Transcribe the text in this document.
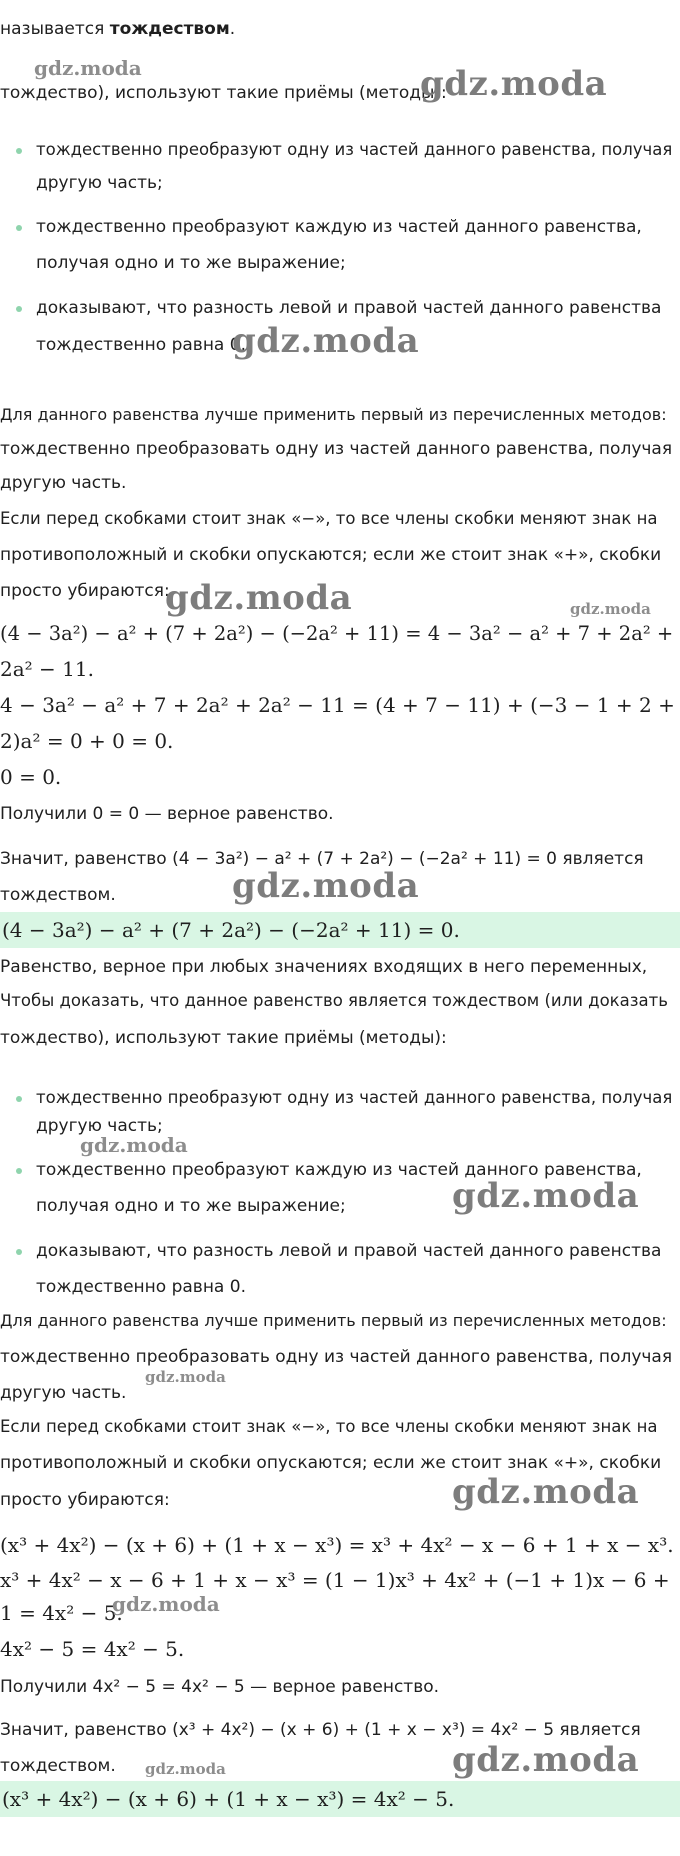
называется тождеством.
gdz.moda
тождество), используют такие приёмы (методы):
gdz.moda
тождественно преобразуют одну из частей данного равенства, получая
другую часть;
тождественно преобразуют каждую из частей данного равенства,
получая одно и то же выражение;
доказывают, что разность левой и правой частей данного равенства
тождественно равна 0.
gdz.moda
Для данного равенства лучше применить первый из перечисленных методов:
тождественно преобразовать одну из частей данного равенства, получая
другую часть.
Если перед скобками стоит знак «−», то все члены скобки меняют знак на
противоположный и скобки опускаются; если же стоит знак «+», скобки
просто убираются:
gdz.moda	gdz.moda
(4 − 3a²) − a² + (7 + 2a²) − (−2a² + 11) = 4 − 3a² − a² + 7 + 2a² +
2a² − 11.
4 − 3a² − a² + 7 + 2a² + 2a² − 11 = (4 + 7 − 11) + (−3 − 1 + 2 +
2)a² = 0 + 0 = 0.
0 = 0.
Получили 0 = 0 — верное равенство.
Значит, равенство (4 − 3a²) − a² + (7 + 2a²) − (−2a² + 11) = 0 является
тождеством.	gdz.moda
(4 − 3a²) − a² + (7 + 2a²) − (−2a² + 11) = 0.
Равенство, верное при любых значениях входящих в него переменных,
Чтобы доказать, что данное равенство является тождеством (или доказать
тождество), используют такие приёмы (методы):
тождественно преобразуют одну из частей данного равенства, получая
другую часть;
gdz.moda
тождественно преобразуют каждую из частей данного равенства,
получая одно и то же выражение;	gdz.moda
доказывают, что разность левой и правой частей данного равенства
тождественно равна 0.
Для данного равенства лучше применить первый из перечисленных методов:
тождественно преобразовать одну из частей данного равенства, получая
другую часть.
gdz.moda
Если перед скобками стоит знак «−», то все члены скобки меняют знак на
противоположный и скобки опускаются; если же стоит знак «+», скобки
просто убираются:	gdz.moda
(x³ + 4x²) − (x + 6) + (1 + x − x³) = x³ + 4x² − x − 6 + 1 + x − x³.
x³ + 4x² − x − 6 + 1 + x − x³ = (1 − 1)x³ + 4x² + (−1 + 1)x − 6 +
1 = 4x² − 5.
gdz.moda
4x² − 5 = 4x² − 5.
Получили 4x² − 5 = 4x² − 5 — верное равенство.
Значит, равенство (x³ + 4x²) − (x + 6) + (1 + x − x³) = 4x² − 5 является
тождеством. gdz.moda	gdz.moda
(x³ + 4x²) − (x + 6) + (1 + x − x³) = 4x² − 5.
